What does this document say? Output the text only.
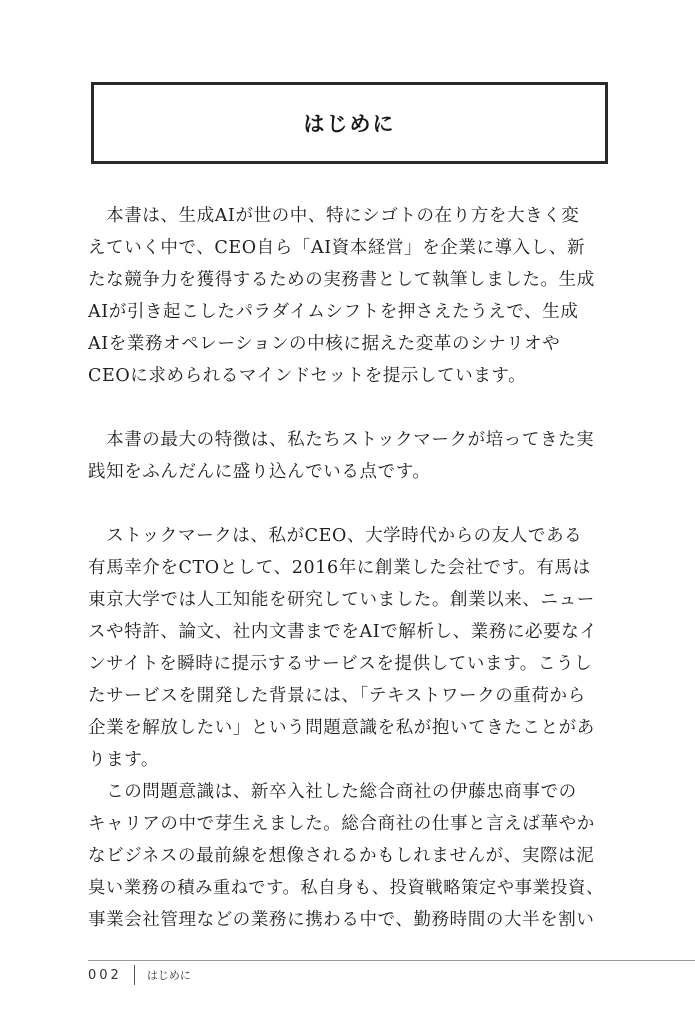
はじめに
　本書は、生成AIが世の中、特にシゴトの在り方を大きく変
えていく中で、CEO自ら「AI資本経営」を企業に導入し、新
たな競争力を獲得するための実務書として執筆しました。生成
AIが引き起こしたパラダイムシフトを押さえたうえで、生成
AIを業務オペレーションの中核に据えた変革のシナリオや
CEOに求められるマインドセットを提示しています。
　本書の最大の特徴は、私たちストックマークが培ってきた実
践知をふんだんに盛り込んでいる点です。
　ストックマークは、私がCEO、大学時代からの友人である
有馬幸介をCTOとして、2016年に創業した会社です。有馬は
東京大学では人工知能を研究していました。創業以来、ニュー
スや特許、論文、社内文書までをAIで解析し、業務に必要なイ
ンサイトを瞬時に提示するサービスを提供しています。こうし
たサービスを開発した背景には、「テキストワークの重荷から
企業を解放したい」という問題意識を私が抱いてきたことがあ
ります。
　この問題意識は、新卒入社した総合商社の伊藤忠商事での
キャリアの中で芽生えました。総合商社の仕事と言えば華やか
なビジネスの最前線を想像されるかもしれませんが、実際は泥
臭い業務の積み重ねです。私自身も、投資戦略策定や事業投資、
事業会社管理などの業務に携わる中で、勤務時間の大半を割い
002 はじめに
